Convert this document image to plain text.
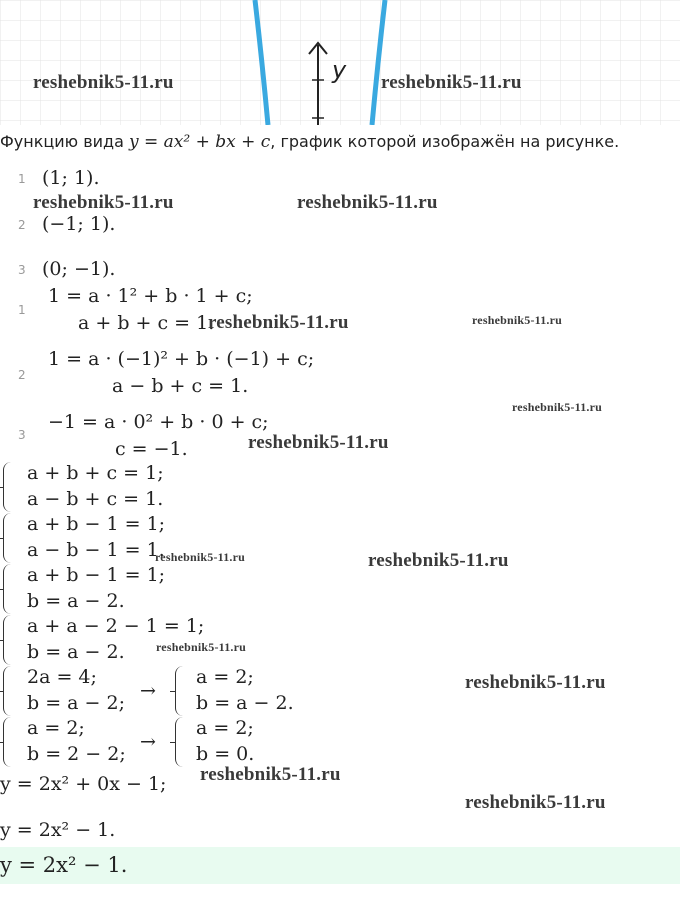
y
reshebnik5-11.ru	reshebnik5-11.ru
Функцию вида y = ax² + bx + c, график которой изображён на рисунке.
1 (1; 1).
2 (−1; 1).
3 (0; −1).
reshebnik5-11.ru	reshebnik5-11.ru
1
1 = a · 1² + b · 1 + c;
a + b + c = 1.
reshebnik5-11.ru	reshebnik5-11.ru
2
1 = a · (−1)² + b · (−1) + c;
a − b + c = 1.
3
−1 = a · 0² + b · 0 + c;
c = −1.
reshebnik5-11.ru
reshebnik5-11.ru
a + b + c = 1;
a − b + c = 1.
a + b − 1 = 1;
a − b − 1 = 1.
reshebnik5-11.ru	reshebnik5-11.ru
a + b − 1 = 1;
b = a − 2.
a + a − 2 − 1 = 1;
b = a − 2.	reshebnik5-11.ru
2a = 4;
b = a − 2;
→
a = 2;
b = a − 2.
reshebnik5-11.ru
a = 2;
b = 2 − 2;
→
a = 2;
b = 0.
y = 2x² + 0x − 1; reshebnik5-11.ru
reshebnik5-11.ru
y = 2x² − 1.
y = 2x² − 1.
